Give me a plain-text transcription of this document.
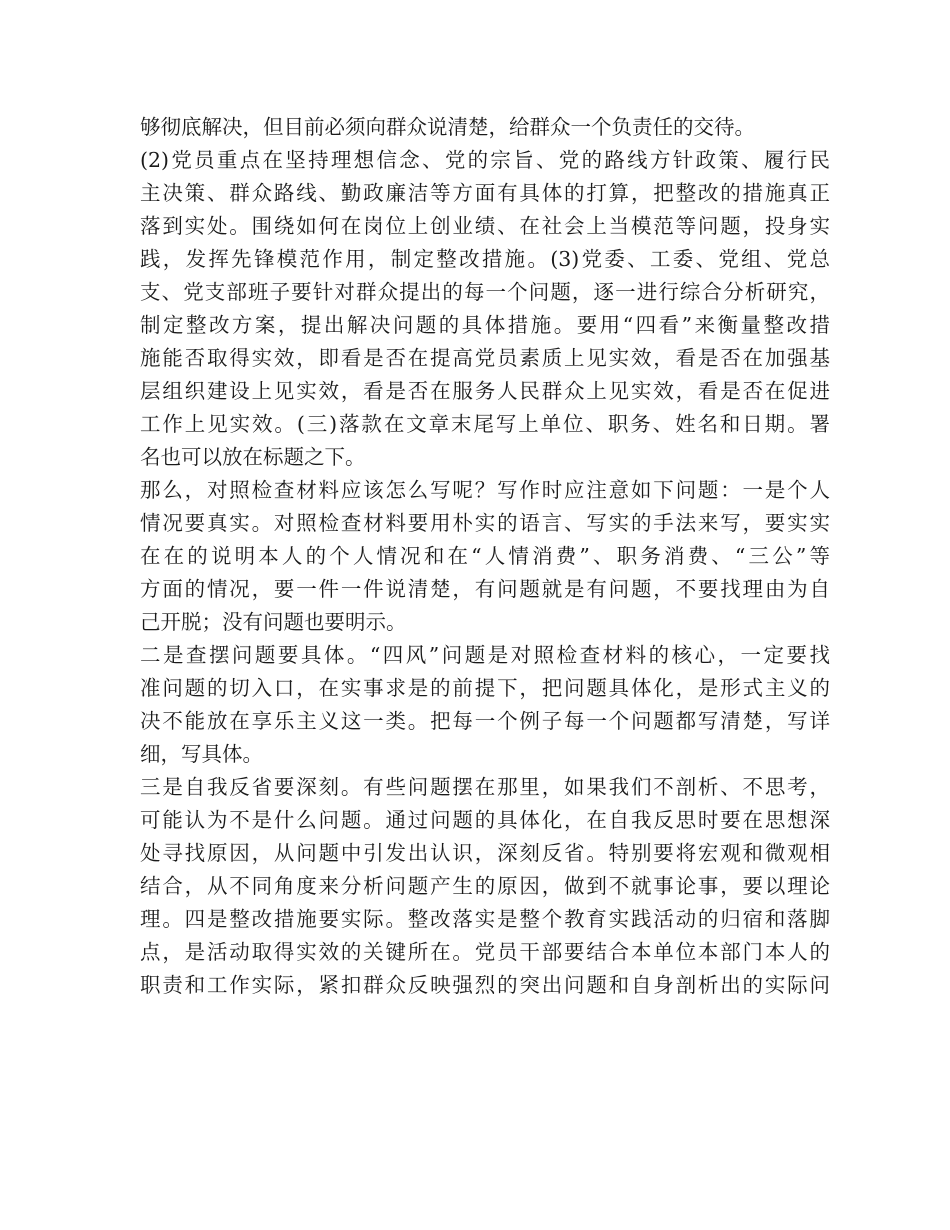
够彻底解决，但目前必须向群众说清楚，给群众一个负责任的交待。
(2)党员重点在坚持理想信念、党的宗旨、党的路线方针政策、履行民
主决策、群众路线、勤政廉洁等方面有具体的打算，把整改的措施真正
落到实处。围绕如何在岗位上创业绩、在社会上当模范等问题，投身实
践，发挥先锋模范作用，制定整改措施。(3)党委、工委、党组、党总
支、党支部班子要针对群众提出的每一个问题，逐一进行综合分析研究，
制定整改方案，提出解决问题的具体措施。要用“四看”来衡量整改措
施能否取得实效，即看是否在提高党员素质上见实效，看是否在加强基
层组织建设上见实效，看是否在服务人民群众上见实效，看是否在促进
工作上见实效。(三)落款在文章末尾写上单位、职务、姓名和日期。署
名也可以放在标题之下。
那么，对照检查材料应该怎么写呢？写作时应注意如下问题：一是个人
情况要真实。对照检查材料要用朴实的语言、写实的手法来写，要实实
在在的说明本人的个人情况和在“人情消费”、职务消费、“三公”等
方面的情况，要一件一件说清楚，有问题就是有问题，不要找理由为自
己开脱；没有问题也要明示。
二是查摆问题要具体。“四风”问题是对照检查材料的核心，一定要找
准问题的切入口，在实事求是的前提下，把问题具体化，是形式主义的
决不能放在享乐主义这一类。把每一个例子每一个问题都写清楚，写详
细，写具体。
三是自我反省要深刻。有些问题摆在那里，如果我们不剖析、不思考，
可能认为不是什么问题。通过问题的具体化，在自我反思时要在思想深
处寻找原因，从问题中引发出认识，深刻反省。特别要将宏观和微观相
结合，从不同角度来分析问题产生的原因，做到不就事论事，要以理论
理。四是整改措施要实际。整改落实是整个教育实践活动的归宿和落脚
点，是活动取得实效的关键所在。党员干部要结合本单位本部门本人的
职责和工作实际，紧扣群众反映强烈的突出问题和自身剖析出的实际问
